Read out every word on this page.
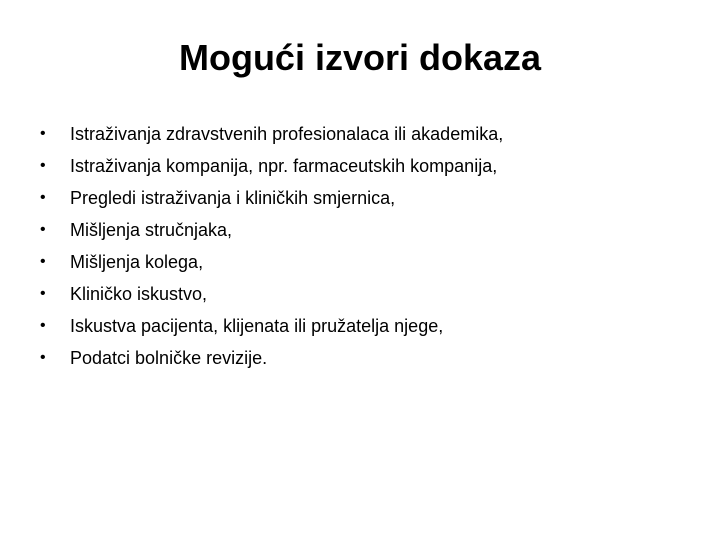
Mogući izvori dokaza
•	Istraživanja zdravstvenih profesionalaca ili akademika,
•	Istraživanja kompanija, npr. farmaceutskih kompanija,
•	Pregledi istraživanja i kliničkih smjernica,
•	Mišljenja stručnjaka,
•	Mišljenja kolega,
•	Kliničko iskustvo,
•	Iskustva pacijenta, klijenata ili pružatelja njege,
•	Podatci bolničke revizije.
